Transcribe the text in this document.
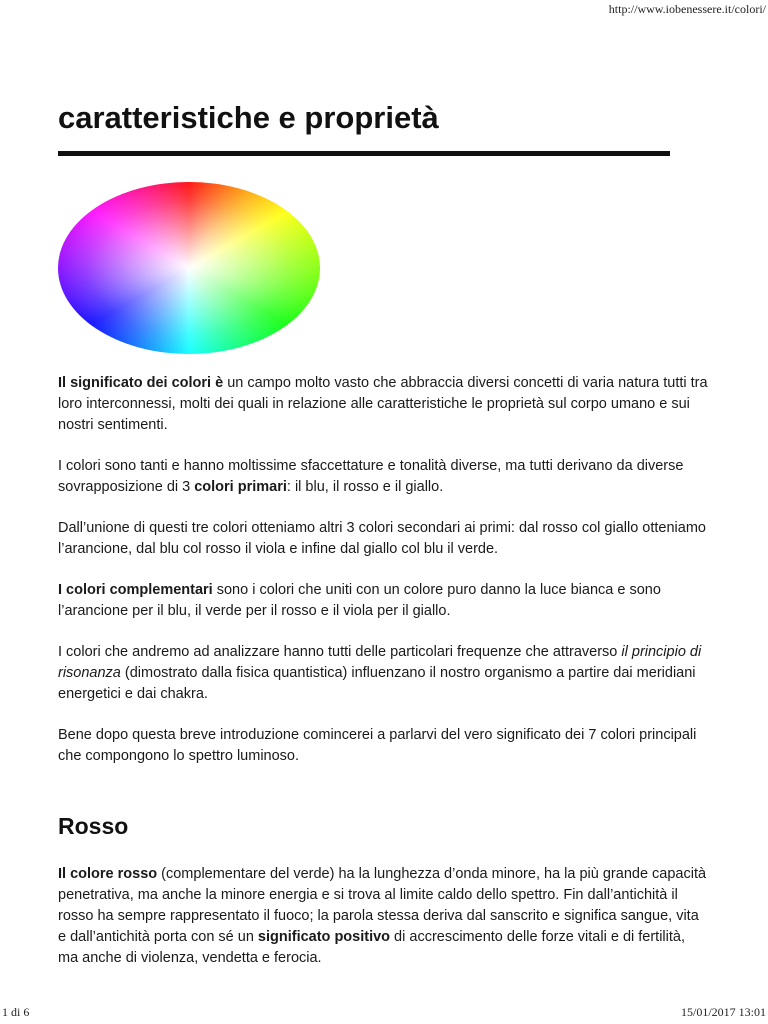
http://www.iobenessere.it/colori/
caratteristiche e proprietà

Il significato dei colori è un campo molto vasto che abbraccia diversi concetti di varia natura tutti tra loro interconnessi, molti dei quali in relazione alle caratteristiche le proprietà sul corpo umano e sui nostri sentimenti.

I colori sono tanti e hanno moltissime sfaccettature e tonalità diverse, ma tutti derivano da diverse sovrapposizione di 3 colori primari: il blu, il rosso e il giallo.

Dall’unione di questi tre colori otteniamo altri 3 colori secondari ai primi: dal rosso col giallo otteniamo l’arancione, dal blu col rosso il viola e infine dal giallo col blu il verde.

I colori complementari sono i colori che uniti con un colore puro danno la luce bianca e sono l’arancione per il blu, il verde per il rosso e il viola per il giallo.

I colori che andremo ad analizzare hanno tutti delle particolari frequenze che attraverso il principio di risonanza (dimostrato dalla fisica quantistica) influenzano il nostro organismo a partire dai meridiani energetici e dai chakra.

Bene dopo questa breve introduzione comincerei a parlarvi del vero significato dei 7 colori principali che compongono lo spettro luminoso.

Rosso

Il colore rosso (complementare del verde) ha la lunghezza d’onda minore, ha la più grande capacità penetrativa, ma anche la minore energia e si trova al limite caldo dello spettro. Fin dall’antichità il rosso ha sempre rappresentato il fuoco; la parola stessa deriva dal sanscrito e significa sangue, vita e dall’antichità porta con sé un significato positivo di accrescimento delle forze vitali e di fertilità, ma anche di violenza, vendetta e ferocia.

1 di 6	15/01/2017 13:01
